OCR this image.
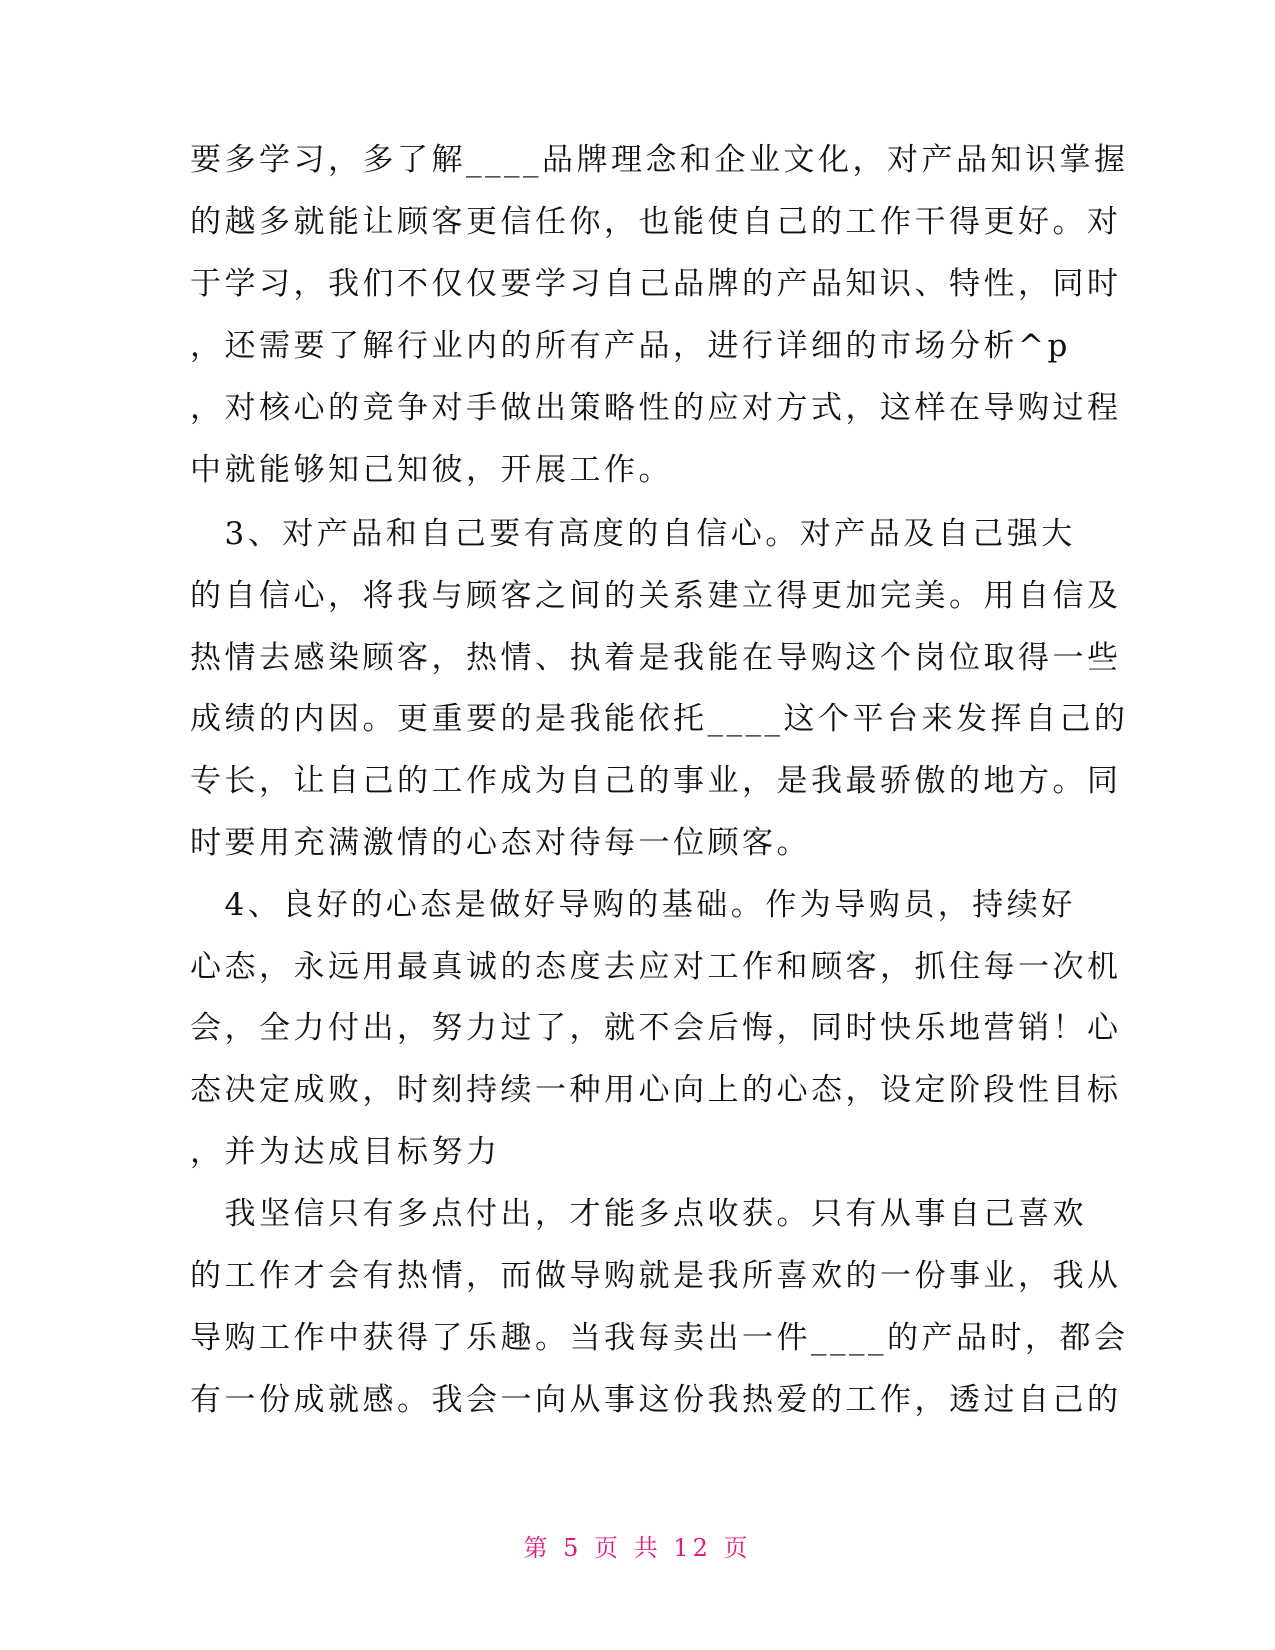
要多学习，多了解____品牌理念和企业文化，对产品知识掌握
的越多就能让顾客更信任你，也能使自己的工作干得更好。对
于学习，我们不仅仅要学习自己品牌的产品知识、特性，同时
，还需要了解行业内的所有产品，进行详细的市场分析^p
，对核心的竞争对手做出策略性的应对方式，这样在导购过程
中就能够知己知彼，开展工作。
　3、对产品和自己要有高度的自信心。对产品及自己强大
的自信心，将我与顾客之间的关系建立得更加完美。用自信及
热情去感染顾客，热情、执着是我能在导购这个岗位取得一些
成绩的内因。更重要的是我能依托____这个平台来发挥自己的
专长，让自己的工作成为自己的事业，是我最骄傲的地方。同
时要用充满激情的心态对待每一位顾客。
　4、良好的心态是做好导购的基础。作为导购员，持续好
心态，永远用最真诚的态度去应对工作和顾客，抓住每一次机
会，全力付出，努力过了，就不会后悔，同时快乐地营销！心
态决定成败，时刻持续一种用心向上的心态，设定阶段性目标
，并为达成目标努力
　我坚信只有多点付出，才能多点收获。只有从事自己喜欢
的工作才会有热情，而做导购就是我所喜欢的一份事业，我从
导购工作中获得了乐趣。当我每卖出一件____的产品时，都会
有一份成就感。我会一向从事这份我热爱的工作，透过自己的
第 5 页 共 12 页
